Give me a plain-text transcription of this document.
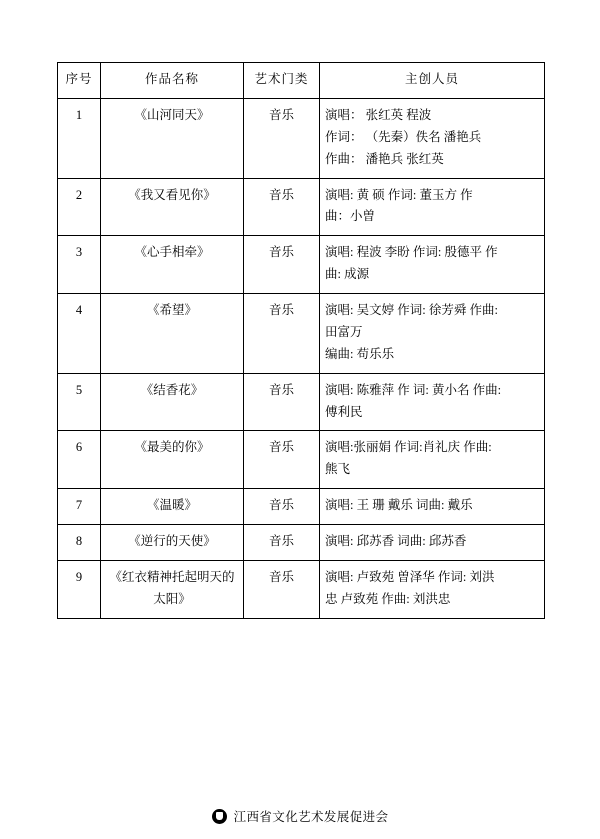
序号	作品名称	艺术门类	主创人员
1	《山河同天》	音乐	演唱： 张红英 程波
作词： （先秦）佚名 潘艳兵
作曲： 潘艳兵 张红英

2	《我又看见你》	音乐	演唱: 黄 硕 作词: 董玉方 作
曲：小曽

3	《心手相牵》	音乐	演唱: 程波 李盼 作词: 殷德平 作
曲: 成源

4	《希望》	音乐	演唱: 吴文婷 作词: 徐芳舜 作曲:
田富万
编曲: 苟乐乐

5	《结香花》	音乐	演唱: 陈雅萍 作 词: 黄小名 作曲:
傅利民

6	《最美的你》	音乐	演唱:张丽娟 作词:肖礼庆 作曲:
熊飞

7	《温暖》	音乐	演唱: 王 珊 戴乐 词曲: 戴乐

8	《逆行的天使》	音乐	演唱: 邱苏香 词曲: 邱苏香

9	《红衣精神托起明天的太阳》	音乐	演唱: 卢致苑 曽泽华 作词: 刘洪
忠 卢致苑 作曲: 刘洪忠
江西省文化艺术发展促进会
